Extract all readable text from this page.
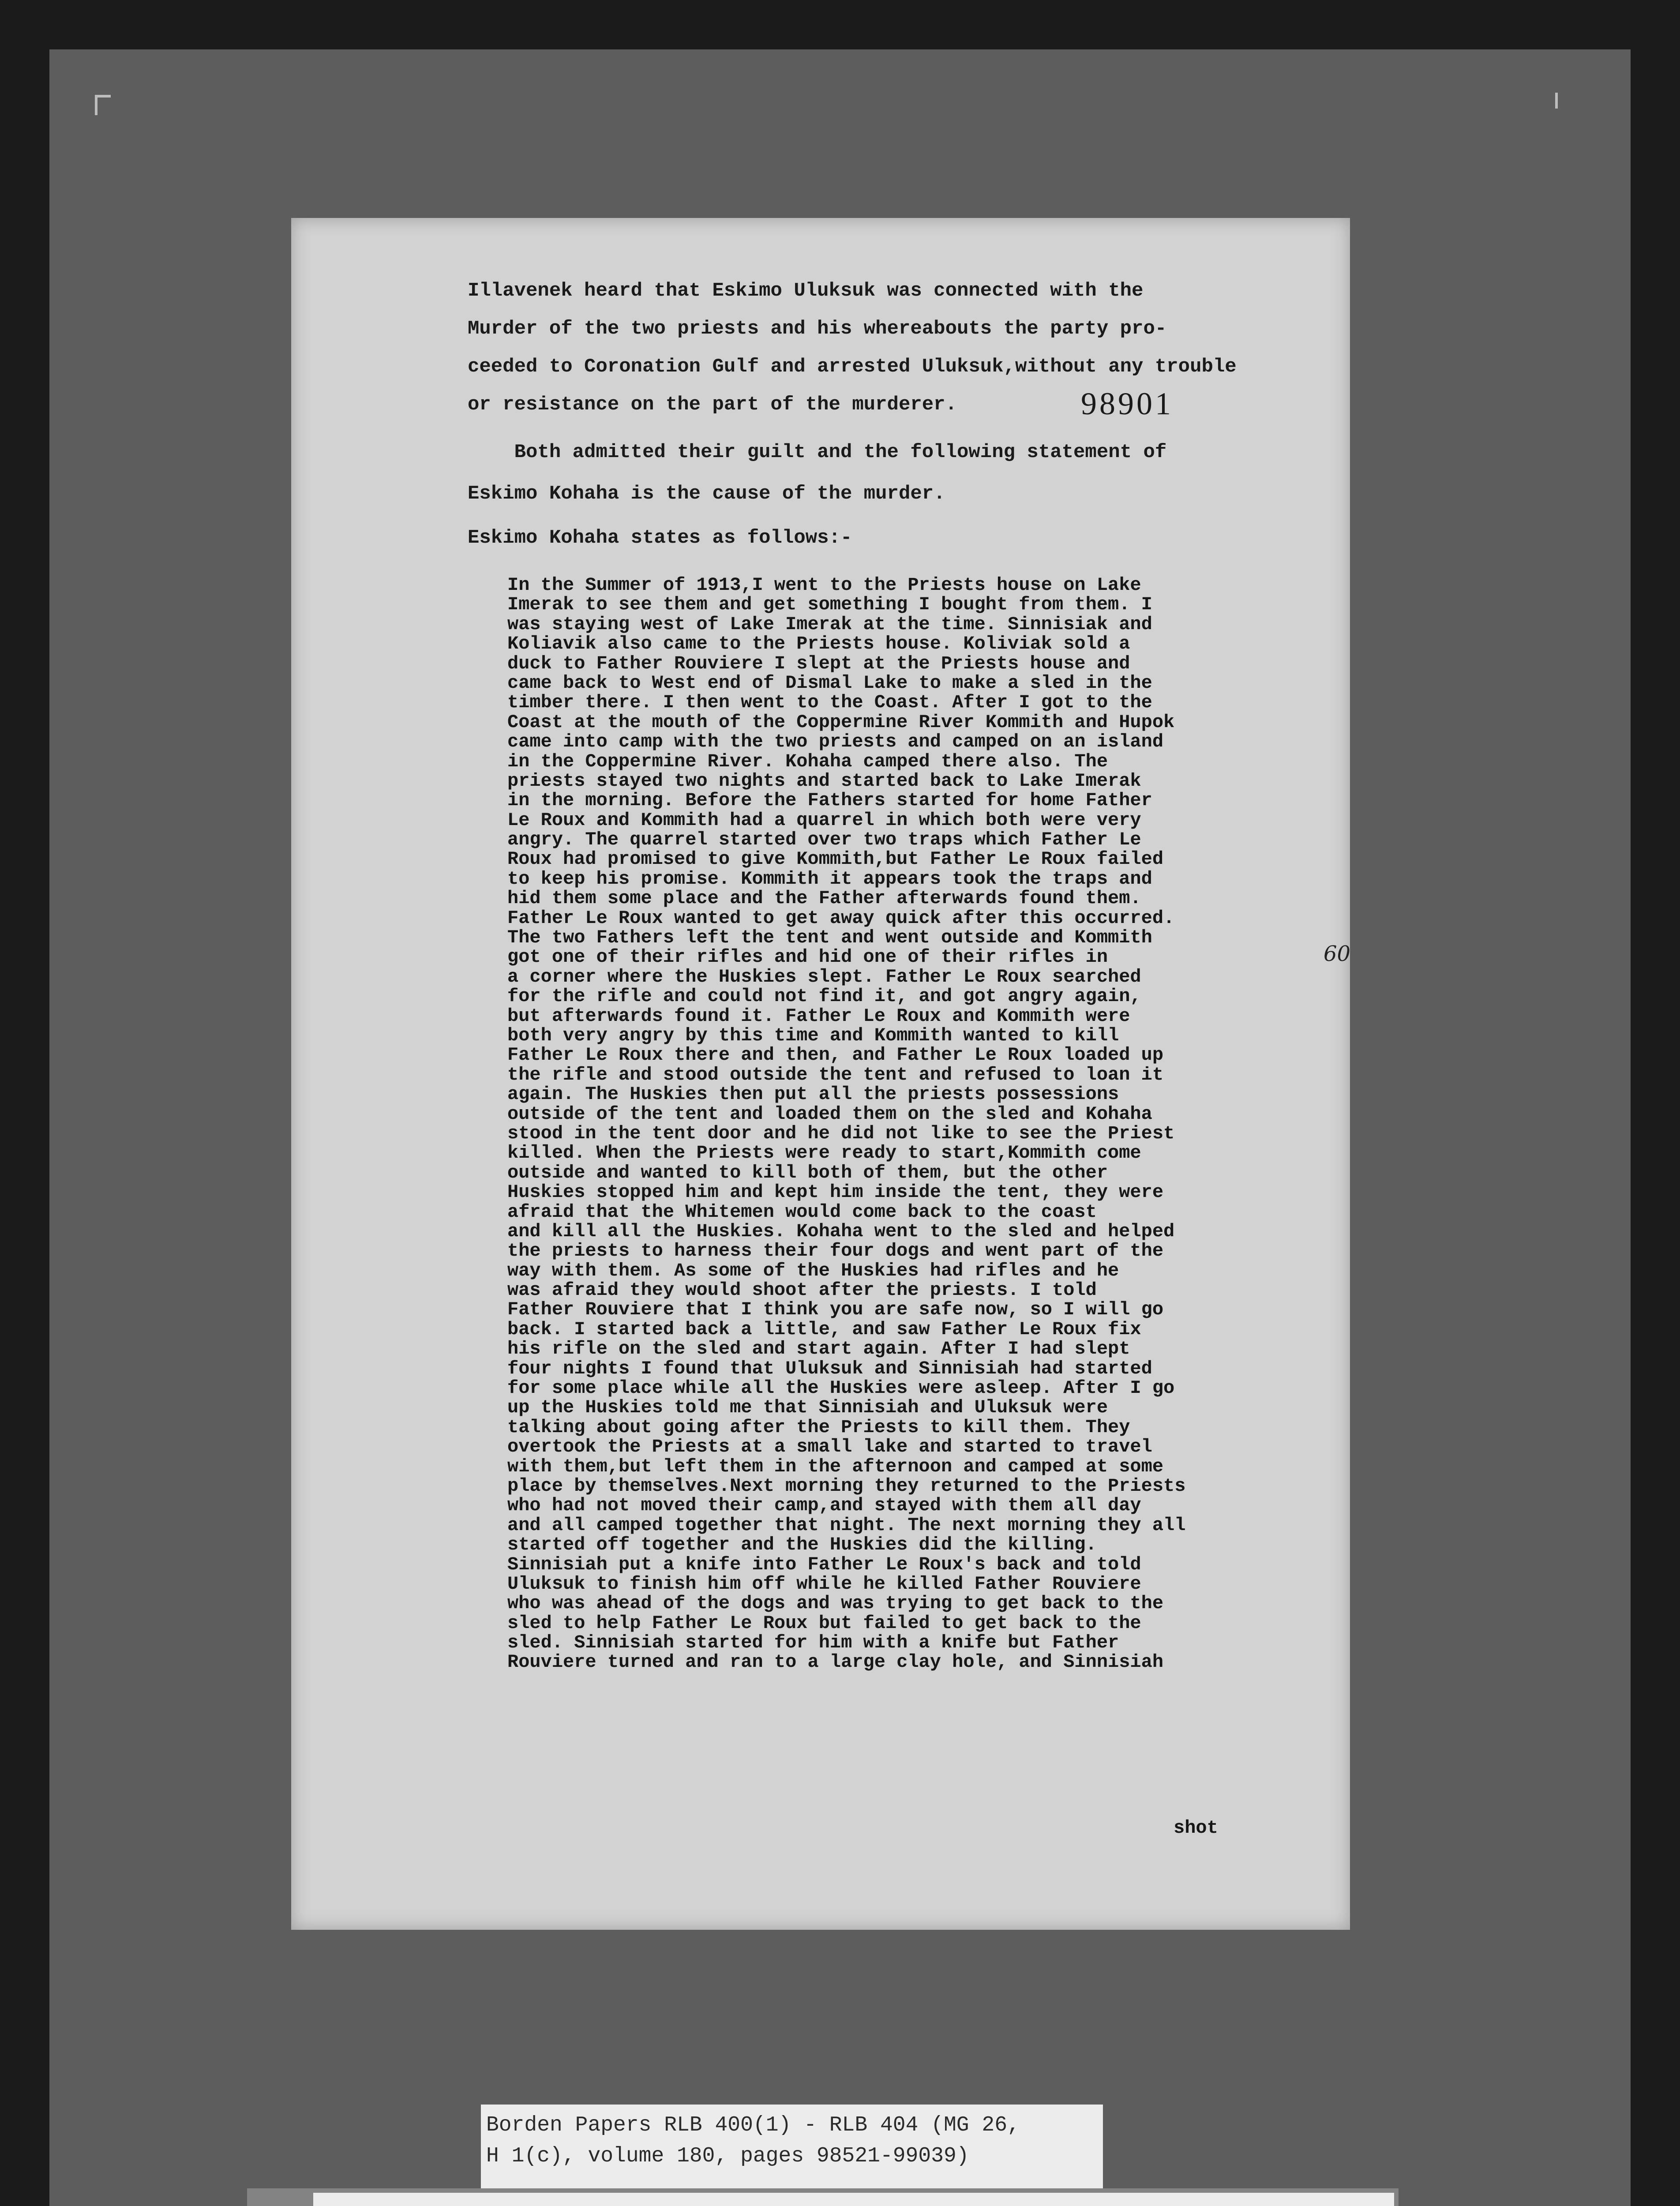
Illavenek heard that Eskimo Uluksuk was connected with the
Murder of the two priests and his whereabouts the party pro-
ceeded to Coronation Gulf and arrested Uluksuk,without any trouble
or resistance on the part of the murderer.	98901
Both admitted their guilt and the following statement of
Eskimo Kohaha is the cause of the murder.
Eskimo Kohaha states as follows:-
In the Summer of 1913,I went to the Priests house on Lake
Imerak to see them and get something I bought from them. I
was staying west of Lake Imerak at the time. Sinnisiak and
Koliavik also came to the Priests house. Koliviak sold a
duck to Father Rouviere I slept at the Priests house and
came back to West end of Dismal Lake to make a sled in the
timber there. I then went to the Coast. After I got to the
Coast at the mouth of the Coppermine River Kommith and Hupok
came into camp with the two priests and camped on an island
in the Coppermine River. Kohaha camped there also. The
priests stayed two nights and started back to Lake Imerak
in the morning. Before the Fathers started for home Father
Le Roux and Kommith had a quarrel in which both were very
angry. The quarrel started over two traps which Father Le
Roux had promised to give Kommith,but Father Le Roux failed
to keep his promise. Kommith it appears took the traps and
hid them some place and the Father afterwards found them.
Father Le Roux wanted to get away quick after this occurred.
The two Fathers left the tent and went outside and Kommith
got one of their rifles and hid one of their rifles in
a corner where the Huskies slept. Father Le Roux searched
for the rifle and could not find it, and got angry again,
but afterwards found it. Father Le Roux and Kommith were
both very angry by this time and Kommith wanted to kill
Father Le Roux there and then, and Father Le Roux loaded up
the rifle and stood outside the tent and refused to loan it
again. The Huskies then put all the priests possessions
outside of the tent and loaded them on the sled and Kohaha
stood in the tent door and he did not like to see the Priest
killed. When the Priests were ready to start,Kommith come
outside and wanted to kill both of them, but the other
Huskies stopped him and kept him inside the tent, they were
afraid that the Whitemen would come back to the coast
and kill all the Huskies. Kohaha went to the sled and helped
the priests to harness their four dogs and went part of the
way with them. As some of the Huskies had rifles and he
was afraid they would shoot after the priests. I told
Father Rouviere that I think you are safe now, so I will go
back. I started back a little, and saw Father Le Roux fix
his rifle on the sled and start again. After I had slept
four nights I found that Uluksuk and Sinnisiah had started
for some place while all the Huskies were asleep. After I go
up the Huskies told me that Sinnisiah and Uluksuk were
talking about going after the Priests to kill them. They
overtook the Priests at a small lake and started to travel
with them,but left them in the afternoon and camped at some
place by themselves.Next morning they returned to the Priests
who had not moved their camp,and stayed with them all day
and all camped together that night. The next morning they all
started off together and the Huskies did the killing.
Sinnisiah put a knife into Father Le Roux's back and told
Uluksuk to finish him off while he killed Father Rouviere
who was ahead of the dogs and was trying to get back to the
sled to help Father Le Roux but failed to get back to the
sled. Sinnisiah started for him with a knife but Father
Rouviere turned and ran to a large clay hole, and Sinnisiah
60
shot
Borden Papers RLB 400(1) - RLB 404 (MG 26,
H 1(c), volume 180, pages 98521-99039)
